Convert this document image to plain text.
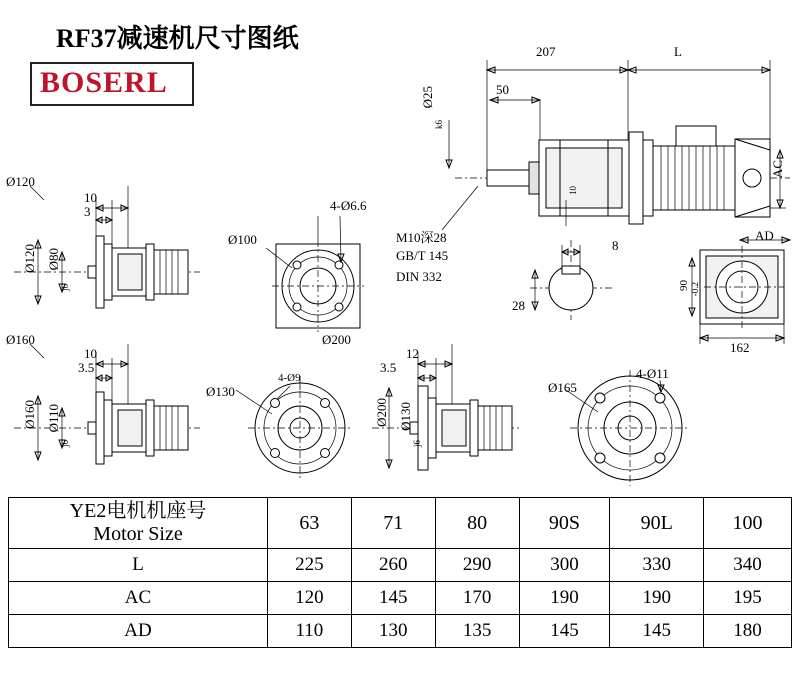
RF37减速机尺寸图纸
BOSERL
207	L
50
Ø25
k6
AC
AD
10
M10深28
GB/T 145
DIN 332
8
28
90 -0.2
162
Ø120
Ø120 Ø80
j6
10
3	4-Ø6.6
Ø100
Ø160
Ø160 Ø110
j6
10
3.5
4-Ø9
Ø130
Ø200
Ø200 Ø130
j6
12
3.5	4-Ø11
Ø165
YE2电机机座号
Motor Size	63	71	80	90S	90L	100
L	225	260	290	300	330	340
AC	120	145	170	190	190	195
AD	110	130	135	145	145	180
